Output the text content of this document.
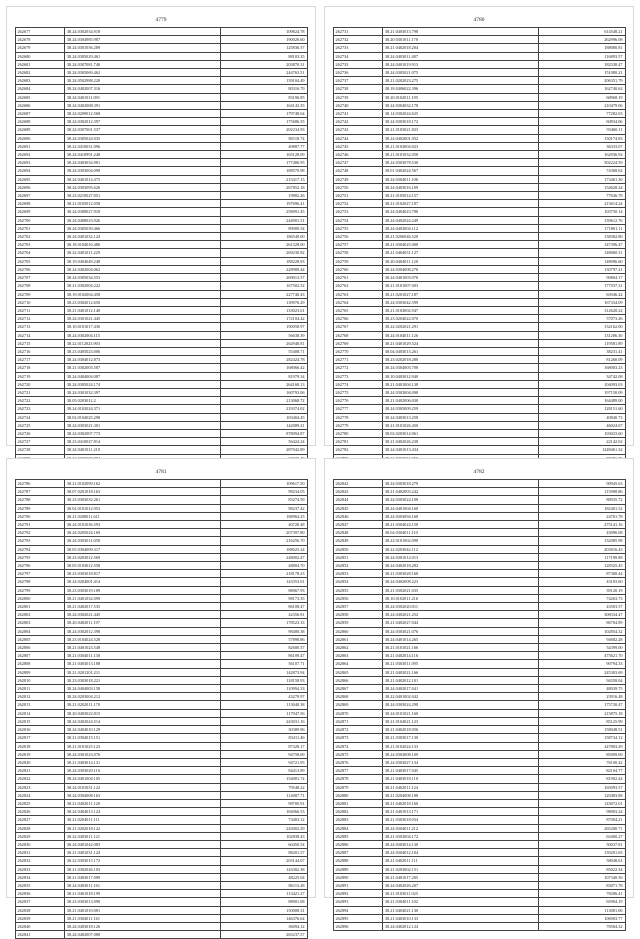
4779
262677	38.24.0302034.918	109824.78
262678	38.24.0304985.987	190020.60
262679	38.24.0301036.289	125836.57
262680	38.24.0305029.461	88103.35
262681	38.24.0307081.740	203870.31
262682	38.24.0305069.462	244763.51
262683	38.24.0502988.220	139104.49
262684	38.24.0402007.316	80316.79
262685	38.24.0401011.091	83196.85
262686	38.24.0402008.391	164143.35
262687	38.24.0209012.568	179748.64
262688	38.24.0302012.397	175686.35
262689	38.24.0307001.537	202234.93
262690	38.24.0305024.035	80118.74
262691	38.22.0410031.096	49887.77
262692	38.24.0410991.248	165128.09
262693	38.24.0403034.981	177406.95
262694	38.24.0303004.098	188570.98
262695	38.24.0401014.475	215417.13
262696	38.24.0303095.626	267852.18
262697	38.23.0210027.051	19882.26
262698	38.21.0105012.058	197696.41
262699	38.24.0308027.918	258091.45
262700	38.24.0408023.926	244901.51
262701	38.24.0305039.466	89909.54
262702	38.24.0401032.124	186549.00
262703	38.18.0104016.486	261328.00
262704	38.22.0401011.229	269230.82
262705	38.19.0404049.248	188228.93
262706	38.24.0402004.062	228989.44
262707	38.24.0305034.553	269013.57
262708	38.21.0302004.222	167502.52
262709	38.19.0102004.458	227740.43
262710	38.23.0302012.650	139976.29
262711	38.21.0401012.140	133023.61
262712	38.24.0301021.445	172104.42
262713	38.10.0101017.430	190058.97
262714	38.24.0302004.115	56638.39
262715	38.22.0112023.903	262948.81
262716	38.23.0405023.006	55408.71
262717	38.24.0304012.873	282424.78
262718	38.21.0302003.587	168066.42
262719	38.24.0404004.087	81979.34
262720	38.24.0305024.174	264168.13
262721	38.24.0301032.397	160793.06
262722	38.05.0203012.2	213068.72
262723	38.24.0102024.371	219374.02
262724	38.02.0104025.298	103404.45
262725	38.24.0303021.301	142089.21
262726	38.24.0302007.773	878094.87
262727	38.23.0410027.814	56424.24
262728	38.24.0401011.210	287042.89

4780
262731	38.21.0403013.798	614548.21
262732	38.20.0301011.170	262996.08
262733	38.21.0402018.204	188080.81
262734	38.24.0403011.487	116893.57
262735	38.24.0401019.913	182338.47
262736	38.24.0305021.075	151080.21
262737	38.21.0202023.275	206351.79
262738	38.18.0406022.396	162740.62
262739	38.20.0102011.195	68968.19
262740	38.24.0304032.178	210479.06
262741	38.14.0302024.625	77282.03
262742	38.24.0303018.172	60834.06
262743	38.21.0103021.823	93460.11
262744	38.24.0402001.052	150174.83
262745	38.21.0103004.023	36333.07
262746	38.21.0101032.058	162936.92
262747	38.24.0303078.530	502224.59
262748	38.01.0402024.567	74368.62
262749	38.24.0304011.106	173461.30
262750	38.24.0403016.109	154628.24
262751	38.21.0105014.157	77636.78
262752	38.21.0102027.187	213614.24
262753	38.24.0404023.786	103750.14
262754	38.24.0402024.249	139612.76
262755	38.24.0403004.112	171801.11
262756	38.21.0206046.528	138382.80
262757	38.21.0304025.008	147396.47
262758	38.21.0404031.127	148060.31
262759	38.20.0404011.120	148096.60
262760	38.24.0304008.276	130797.21
262761	38.24.0401003.976	90804.17
262762	38.21.0101007.003	177037.31
262763	38.21.0201027.187	63946.42
262764	38.24.0303042.599	167334.09
262765	38.21.0103002.947	312628.22
262766	38.23.0204022.070	57073.26
262767	38.22.0202021.291	132162.00
262768	38.24.0104011.126	131206.30
262769	38.21.0401029.524	119581.89
262770	38.04.0403013.261	38231.41
262771	38.23.0202018.280	81260.09
262772	38.24.0304003.708	168003.23
262773	38.10.0403012.940	34742.08
262774	38.21.0401004.138	104093.03
262775	38.24.0303004.098	197150.09
262776	38.21.0402006.030	164489.00
262777	38.24.0305009.259	128151.60
262778	38.24.0403013.258	40840.73
262779	38.21.0101026.450	46024.67
262780	38.02.0203014.061	103023.60
262781	38.21.0402026.238	22142.02
262782	38.24.0401013.434	1248461.32

4781
262786	38.21.0102099.162	109617.50
262787	38.07.0201018.163	98234.05
262788	38.23.0303032.261	83274.59
262789	38.02.0101012.953	98237.42
262790	38.21.0208011.611	188964.25
262791	38.24.0101036.593	40728.48
262792	38.24.0205024.169	207397.80
262793	38.24.0303011.058	216256.70
262794	38.05.0304009.317	188025.24
262795	38.23.0203012.569	248002.47
262796	38.05.0103012.558	48804.70
262797	38.23.0303018.817	218178.23
262798	38.24.0204001.414	143353.01
262799	38.23.0303019.189	88067.93
262800	38.21.0401032.099	98173.35
262801	38.21.0402017.535	86108.47
262802	38.24.0302021.445	42356.81
262803	38.20.0402011.197	178523.33
262804	38.24.0302012.398	98400.38
262805	38.23.0104024.528	57898.86
262806	38.21.0401023.548	82600.37
262807	38.21.0304011.130	86109.47
262808	38.21.0403013.188	56107.71
262809	38.21.0201201.211	142873.94
262810	38.23.0303018.221	118158.93
262811	38.24.0404003.158	110994.33
262812	38.24.0203004.212	43279.97
262813	38.21.0202011.170	113040.38
262814	38.20.0403022.815	117947.56
262815	38.24.0402024.514	243031.16
262816	38.24.0404010.129	30389.96
262817	38.21.0304015.151	83411.46
262818	38.21.0101025.123	87328.17
262819	38.24.0301023.076	94758.69
262820	38.21.0403014.131	94721.95
262821	38.24.0303029.116	84413.89
262822	38.24.0401004.105	154081.74
262823	38.24.0101031.122	79548.22
262824	38.24.0304008.163	114087.71
262825	38.21.0402011.120	98700.91
262826	38.24.0404013.124	184066.53
262827	38.21.0204011.111	73403.12
262828	38.21.0202018.122	243002.29
262829	38.22.0403011.121	102838.43
262830	38.24.0401042.083	60450.54
262831	38.21.0401031.124	88201.57
262832	38.22.0303015.172	203144.67
262833	38.21.0302026.103	143302.38
262834	38.21.0403017.089	48225.04
262835	38.24.0403011.161	86113.28
262836	38.21.0401018.199	113421.27
262837	38.23.0303013.090	88901.08
262838	38.21.0401010.081	150008.31
262839	38.21.0304011.161	146376.64
262840	38.24.0403018.126	36094.12
262841	38.24.0402007.088	265237.57
4782
262842	38.24.0303018.279	90945.63
262843	38.21.0402003.242	115908.86
262844	38.24.0303024.108	88935.72
262845	38.24.0401004.160	182401.52
262846	38.24.0303094.168	24701.78
262847	38.21.0304024.158	275141.16
262848	38.04.0304011.110	43096.08
262849	38.22.0101002.098	132085.98
262850	38.22.0203042.112	203016.43
262851	38.24.0301012.013	117199.88
262852	38.24.0402018.282	128325.45
262853	38.21.0303028.168	87300.44
262854	38.24.0402008.223	43103.60
262855	38.21.0302021.035	39120.19
262856	38.10.0102011.216	74263.73
262857	38.24.0302020.011	43503.57
262858	38.24.0402021.252	308334.47
262859	38.21.0402027.044	86704.89
262860	38.24.0303021.076	102854.32
262861	38.24.0401014.265	94682.28
262862	38.21.0101021.166	54399.00
262863	38.21.0402014.116	475621.70
262864	38.21.0303011.095	90794.33
262865	38.21.0403021.166	245303.69
262866	38.21.0402012.101	94358.04
262867	38.24.0402017.041	48039.75
262868	38.22.0401002.042	23916.48
262869	38.24.0303024.298	175720.47
262870	38.24.0101021.160	215875.18
262871	38.21.0104021.123	85125.99
262872	38.21.0402018.056	158048.51
262873	38.21.0303017.130	158734.12
262874	38.21.0102024.133	247803.29
262875	38.24.0303008.109	85009.69
262876	38.24.0303027.134	76100.42
262877	38.21.0403017.045	82104.77
262878	38.21.0403018.110	81902.44
262879	38.21.0402011.124	165093.57
262880	38.21.0204008.188	120483.88
262881	38.21.0402018.160	143072.01
262882	38.21.0401013.171	98003.24
262883	38.21.0303018.034	87004.21
262884	38.24.0304011.212	265200.71
262885	38.21.0303004.172	63400.27
262886	38.24.0303014.130	50037.81
262887	38.24.0304012.104	139201.65
262888	38.21.0402011.111	58048.61
262889	38.21.0203002.151	85022.34
262890	38.21.0401017.205	107340.56
262891	38.24.0402026.207	83071.78
262892	38.21.0103011.025	78206.41
262893	38.21.0304011.102	65904.19
262894	38.21.0404021.130	113081.06
262895	38.21.0403010.133	106903.77
262896	38.24.0402012.124	78584.32
